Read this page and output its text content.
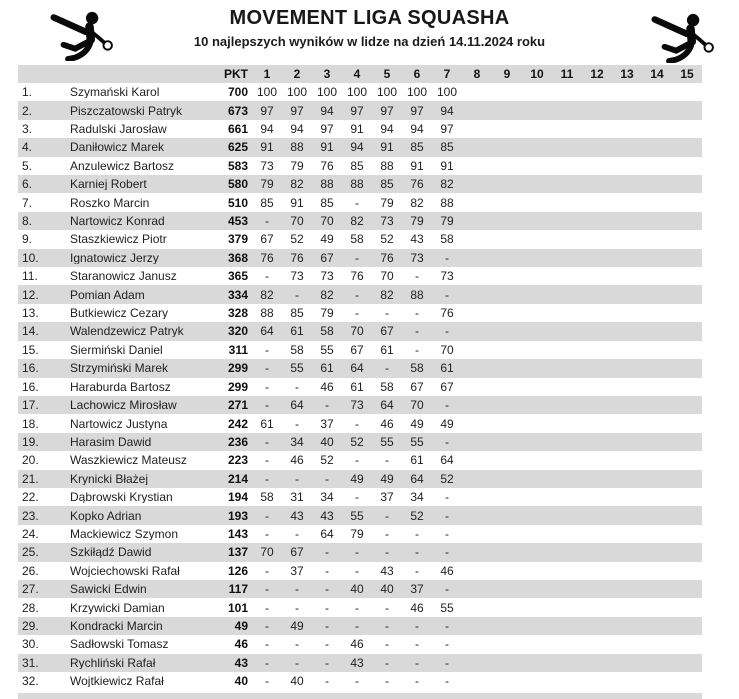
MOVEMENT LIGA SQUASHA
10 najlepszych wyników w lidze na dzień 14.11.2024 roku
PKT	1	2	3	4	5	6	7	8	9	10	11	12	13	14	15
1.	Szymański Karol	700 100 100 100 100 100 100 100
2.	Piszczatowski Patryk	673	97	97	94	97	97	97	94
3.	Radulski Jarosław	661	94	94	97	91	94	94	97
4.	Daniłowicz Marek	625	91	88	91	94	91	85	85
5.	Anzulewicz Bartosz	583	73	79	76	85	88	91	91
6.	Karniej Robert	580	79	82	88	88	85	76	82
7.	Roszko Marcin	510	85	91	85	-	79	82	88
8.	Nartowicz Konrad	453	-	70	70	82	73	79	79
9.	Staszkiewicz Piotr	379	67	52	49	58	52	43	58
10.	Ignatowicz Jerzy	368	76	76	67	-	76	73	-
11.	Staranowicz Janusz	365	-	73	73	76	70	-	73
12.	Pomian Adam	334	82	-	82	-	82	88	-
13.	Butkiewicz Cezary	328	88	85	79	-	-	-	76
14.	Walendzewicz Patryk	320	64	61	58	70	67	-	-
15.	Siermiński Daniel	311	-	58	55	67	61	-	70
16.	Strzymiński Marek	299	-	55	61	64	-	58	61
16.	Haraburda Bartosz	299	-	-	46	61	58	67	67
17.	Lachowicz Mirosław	271	-	64	-	73	64	70	-
18.	Nartowicz Justyna	242	61	-	37	-	46	49	49
19.	Harasim Dawid	236	-	34	40	52	55	55	-
20.	Waszkiewicz Mateusz	223	-	46	52	-	-	61	64
21.	Krynicki Błażej	214	-	-	-	49	49	64	52
22.	Dąbrowski Krystian	194	58	31	34	-	37	34	-
23.	Kopko Adrian	193	-	43	43	55	-	52	-
24.	Mackiewicz Szymon	143	-	-	64	79	-	-	-
25.	Szkiłądź Dawid	137	70	67	-	-	-	-	-
26.	Wojciechowski Rafał	126	-	37	-	-	43	-	46
27.	Sawicki Edwin	117	-	-	-	40	40	37	-
28.	Krzywicki Damian	101	-	-	-	-	-	46	55
29.	Kondracki Marcin	49	-	49	-	-	-	-	-
30.	Sadłowski Tomasz	46	-	-	-	46	-	-	-
31.	Rychliński Rafał	43	-	-	-	43	-	-	-
32.	Wojtkiewicz Rafał	40	-	40	-	-	-	-	-
